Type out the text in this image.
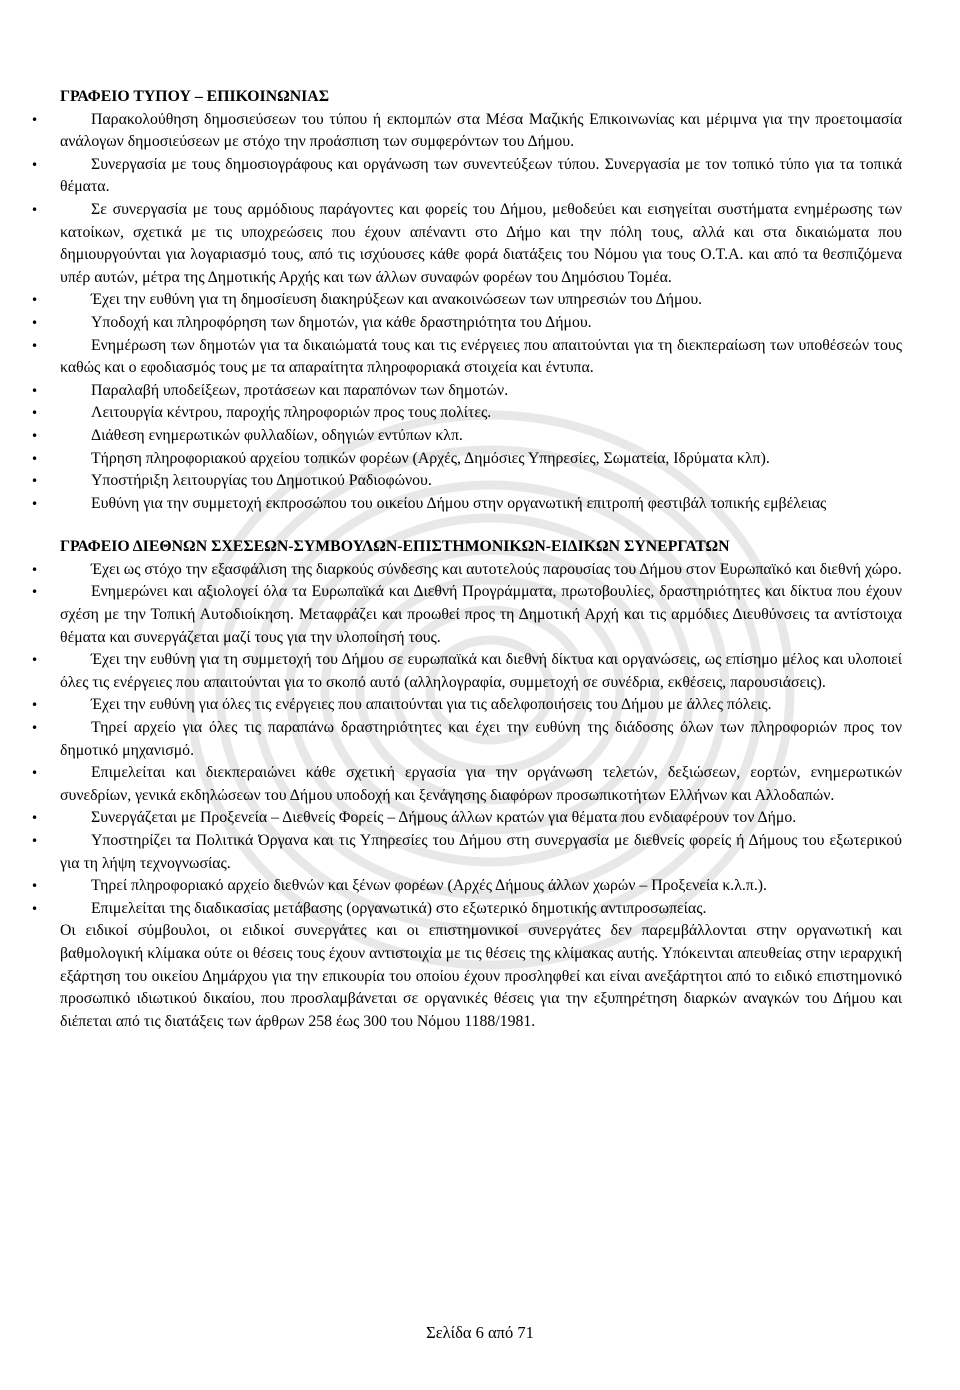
ΓΡΑΦΕΙΟ ΤΥΠΟΥ – ΕΠΙΚΟΙΝΩΝΙΑΣ

• Παρακολούθηση δημοσιεύσεων του τύπου ή εκπομπών στα Μέσα Μαζικής Επικοινωνίας και μέριμνα για την προετοιμασία ανάλογων δημοσιεύσεων με στόχο την προάσπιση των συμφερόντων του Δήμου.
• Συνεργασία με τους δημοσιογράφους και οργάνωση των συνεντεύξεων τύπου. Συνεργασία με τον τοπικό τύπο για τα τοπικά θέματα.
• Σε συνεργασία με τους αρμόδιους παράγοντες και φορείς του Δήμου, μεθοδεύει και εισηγείται συστήματα ενημέρωσης των κατοίκων, σχετικά με τις υποχρεώσεις που έχουν απέναντι στο Δήμο και την πόλη τους, αλλά και στα δικαιώματα που δημιουργούνται για λογαριασμό τους, από τις ισχύουσες κάθε φορά διατάξεις του Νόμου για τους Ο.Τ.Α. και από τα θεσπιζόμενα υπέρ αυτών, μέτρα της Δημοτικής Αρχής και των άλλων συναφών φορέων του Δημόσιου Τομέα.
• Έχει την ευθύνη για τη δημοσίευση διακηρύξεων και ανακοινώσεων των υπηρεσιών του Δήμου.
• Υποδοχή και πληροφόρηση των δημοτών, για κάθε δραστηριότητα του Δήμου.
• Ενημέρωση των δημοτών για τα δικαιώματά τους και τις ενέργειες που απαιτούνται για τη διεκπεραίωση των υποθέσεών τους καθώς και ο εφοδιασμός τους με τα απαραίτητα πληροφοριακά στοιχεία και έντυπα.
• Παραλαβή υποδείξεων, προτάσεων και παραπόνων των δημοτών.
• Λειτουργία κέντρου, παροχής πληροφοριών προς τους πολίτες.
• Διάθεση ενημερωτικών φυλλαδίων, οδηγιών εντύπων κλπ.
• Τήρηση πληροφοριακού αρχείου τοπικών φορέων (Αρχές, Δημόσιες Υπηρεσίες, Σωματεία, Ιδρύματα κλπ).
• Υποστήριξη λειτουργίας του Δημοτικού Ραδιοφώνου.
• Ευθύνη για την συμμετοχή εκπροσώπου του οικείου Δήμου στην οργανωτική επιτροπή φεστιβάλ τοπικής εμβέλειας

ΓΡΑΦΕΙΟ ΔΙΕΘΝΩΝ ΣΧΕΣΕΩΝ-ΣΥΜΒΟΥΛΩΝ-ΕΠΙΣΤΗΜΟΝΙΚΩΝ-ΕΙΔΙΚΩΝ ΣΥΝΕΡΓΑΤΩΝ

• Έχει ως στόχο την εξασφάλιση της διαρκούς σύνδεσης και αυτοτελούς παρουσίας του Δήμου στον Ευρωπαϊκό και διεθνή χώρο.
• Ενημερώνει και αξιολογεί όλα τα Ευρωπαϊκά και Διεθνή Προγράμματα, πρωτοβουλίες, δραστηριότητες και δίκτυα που έχουν σχέση με την Τοπική Αυτοδιοίκηση. Μεταφράζει και προωθεί προς τη Δημοτική Αρχή και τις αρμόδιες Διευθύνσεις τα αντίστοιχα θέματα και συνεργάζεται μαζί τους για την υλοποίησή τους.
• Έχει την ευθύνη για τη συμμετοχή του Δήμου σε ευρωπαϊκά και διεθνή δίκτυα και οργανώσεις, ως επίσημο μέλος και υλοποιεί όλες τις ενέργειες που απαιτούνται για το σκοπό αυτό (αλληλογραφία, συμμετοχή σε συνέδρια, εκθέσεις, παρουσιάσεις).
• Έχει την ευθύνη για όλες τις ενέργειες που απαιτούνται για τις αδελφοποιήσεις του Δήμου με άλλες πόλεις.
• Τηρεί αρχείο για όλες τις παραπάνω δραστηριότητες και έχει την ευθύνη της διάδοσης όλων των πληροφοριών προς τον δημοτικό μηχανισμό.
• Επιμελείται και διεκπεραιώνει κάθε σχετική εργασία για την οργάνωση τελετών, δεξιώσεων, εορτών, ενημερωτικών συνεδρίων, γενικά εκδηλώσεων του Δήμου υποδοχή και ξενάγησης διαφόρων προσωπικοτήτων Ελλήνων και Αλλοδαπών.
• Συνεργάζεται με Προξενεία – Διεθνείς Φορείς – Δήμους άλλων κρατών για θέματα που ενδιαφέρουν τον Δήμο.
• Υποστηρίζει τα Πολιτικά Όργανα και τις Υπηρεσίες του Δήμου στη συνεργασία με διεθνείς φορείς ή Δήμους του εξωτερικού για τη λήψη τεχνογνωσίας.
• Τηρεί πληροφοριακό αρχείο διεθνών και ξένων φορέων (Αρχές Δήμους άλλων χωρών – Προξενεία κ.λ.π.).
• Επιμελείται της διαδικασίας μετάβασης (οργανωτικά) στο εξωτερικό δημοτικής αντιπροσωπείας.

Οι ειδικοί σύμβουλοι, οι ειδικοί συνεργάτες και οι επιστημονικοί συνεργάτες δεν παρεμβάλλονται στην οργανωτική και βαθμολογική κλίμακα ούτε οι θέσεις τους έχουν αντιστοιχία με τις θέσεις της κλίμακας αυτής. Υπόκεινται απευθείας στην ιεραρχική εξάρτηση του οικείου Δημάρχου για την επικουρία του οποίου έχουν προσληφθεί και είναι ανεξάρτητοι από το ειδικό επιστημονικό προσωπικό ιδιωτικού δικαίου, που προσλαμβάνεται σε οργανικές θέσεις για την εξυπηρέτηση διαρκών αναγκών του Δήμου και διέπεται από τις διατάξεις των άρθρων 258 έως 300 του Νόμου 1188/1981.

Σελίδα 6 από 71
